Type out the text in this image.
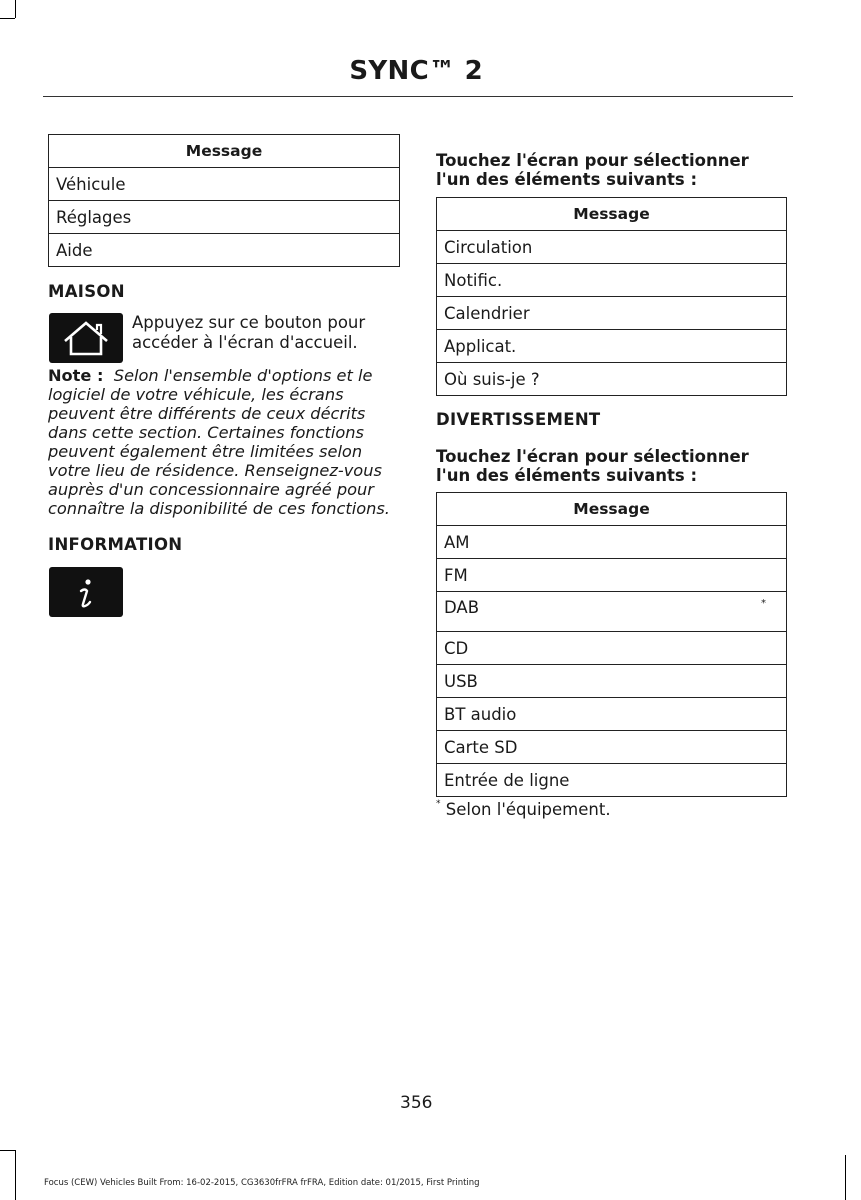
SYNC™ 2
Message
Véhicule
Réglages
Aide
MAISON
Appuyez sur ce bouton pour accéder à l'écran d'accueil.
Note : Selon l'ensemble d'options et le logiciel de votre véhicule, les écrans peuvent être différents de ceux décrits dans cette section. Certaines fonctions peuvent également être limitées selon votre lieu de résidence. Renseignez-vous auprès d'un concessionnaire agréé pour connaître la disponibilité de ces fonctions.
INFORMATION
Touchez l'écran pour sélectionner l'un des éléments suivants :
Message
Circulation
Notific.
Calendrier
Applicat.
Où suis-je ?
DIVERTISSEMENT
Touchez l'écran pour sélectionner l'un des éléments suivants :
Message
AM
FM
DAB	*

CD
USB
BT audio
Carte SD
Entrée de ligne
* Selon l'équipement.
356
Focus (CEW) Vehicles Built From: 16-02-2015, CG3630frFRA frFRA, Edition date: 01/2015, First Printing
